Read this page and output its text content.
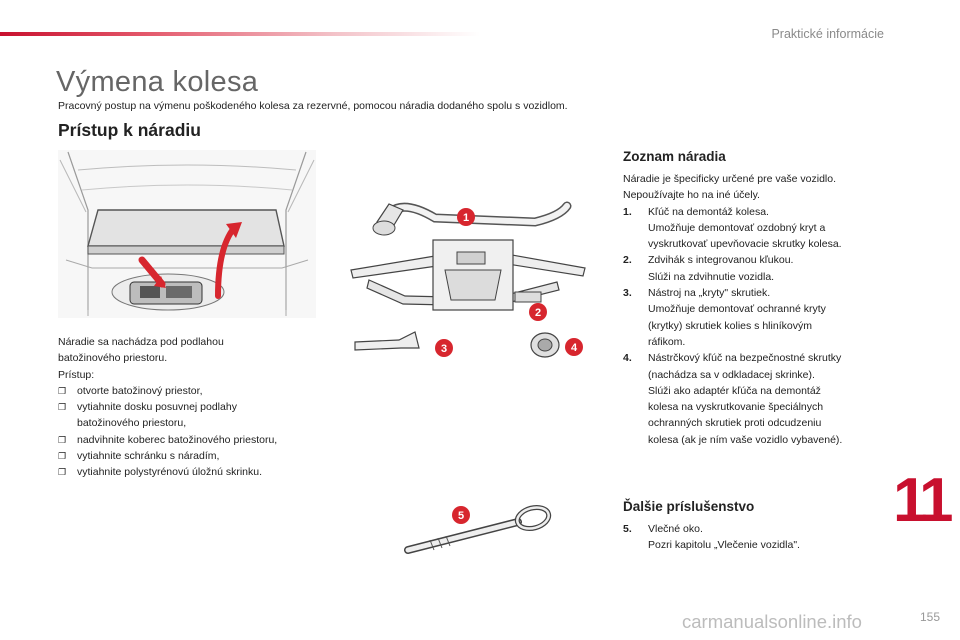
Praktické informácie
Výmena kolesa
Pracovný postup na výmenu poškodeného kolesa za rezervné, pomocou náradia dodaného spolu s vozidlom.
Prístup k náradiu
1
2
3	4
5
Náradie sa nachádza pod podlahou
batožinového priestoru.
Prístup:
❐	otvorte batožinový priestor,
❐	vytiahnite dosku posuvnej podlahy
batožinového priestoru,
❐	nadvihnite koberec batožinového priestoru,
❐	vytiahnite schránku s náradím,
❐	vytiahnite polystyrénovú úložnú skrinku.
Zoznam náradia
Náradie je špecificky určené pre vaše vozidlo.
Nepoužívajte ho na iné účely.
1.	Kľúč na demontáž kolesa.
Umožňuje demontovať ozdobný kryt a
vyskrutkovať upevňovacie skrutky kolesa.
2.	Zdvihák s integrovanou kľukou.
Slúži na zdvihnutie vozidla.
3.	Nástroj na „kryty" skrutiek.
Umožňuje demontovať ochranné kryty
(krytky) skrutiek kolies s hliníkovým
ráfikom.
4.	Nástrčkový kľúč na bezpečnostné skrutky
(nachádza sa v odkladacej skrinke).
Slúži ako adaptér kľúča na demontáž
kolesa na vyskrutkovanie špeciálnych
ochranných skrutiek proti odcudzeniu
kolesa (ak je ním vaše vozidlo vybavené).
Ďalšie príslušenstvo
5.	Vlečné oko.
Pozri kapitolu „Vlečenie vozidla".
11
carmanualsonline.info	155
